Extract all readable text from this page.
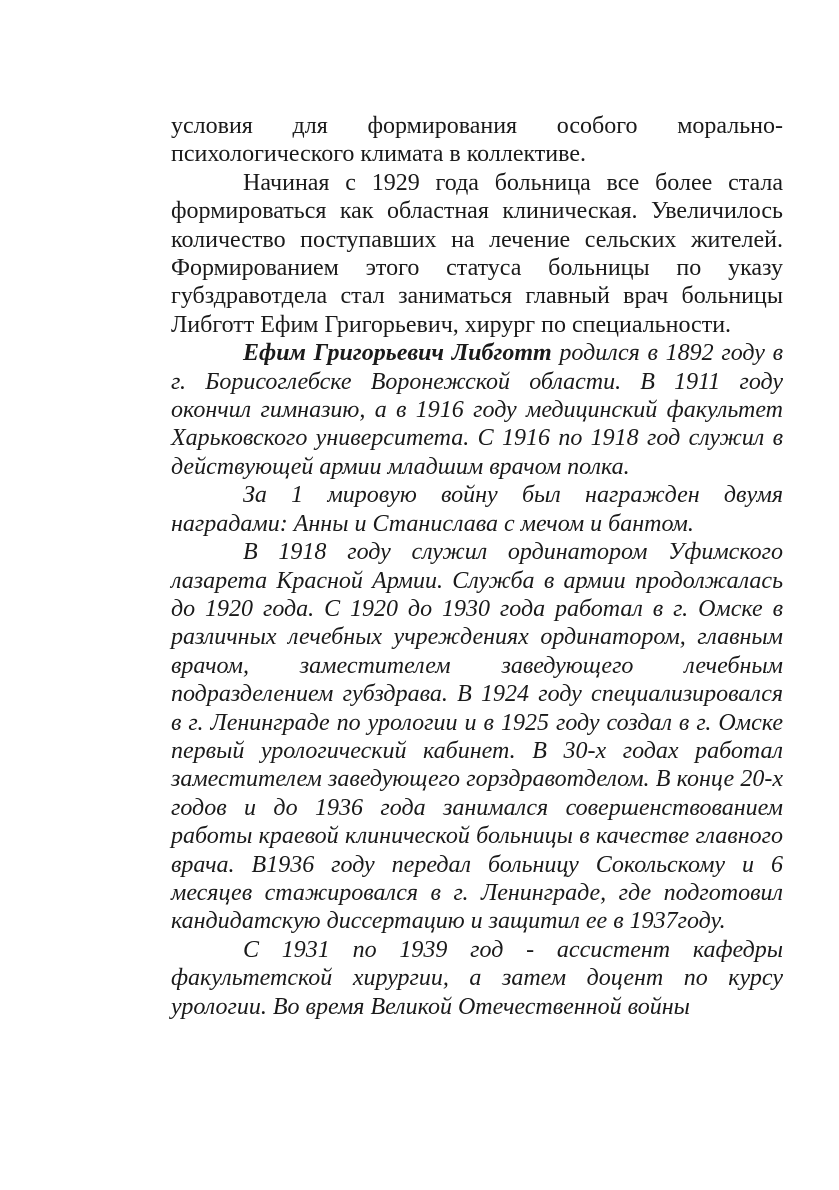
условия для формирования особого морально-психологического климата в коллективе.

Начиная с 1929 года больница все более стала формироваться как областная клиническая. Увеличилось количество поступавших на лечение сельских жителей. Формированием этого статуса больницы по указу губздравотдела стал заниматься главный врач больницы Либготт Ефим Григорьевич, хирург по специальности.

Ефим Григорьевич Либготт родился в 1892 году в г. Борисоглебске Воронежской области. В 1911 году окончил гимназию, а в 1916 году медицинский факультет Харьковского университета. С 1916 по 1918 год служил в действующей армии младшим врачом полка.

За 1 мировую войну был награжден двумя наградами: Анны и Станислава с мечом и бантом.

В 1918 году служил ординатором Уфимского лазарета Красной Армии. Служба в армии продолжалась до 1920 года. С 1920 до 1930 года работал в г. Омске в различных лечебных учреждениях ординатором, главным врачом, заместителем заведующего лечебным подразделением губздрава. В 1924 году специализировался в г. Ленинграде по урологии и в 1925 году создал в г. Омске первый урологический кабинет. В 30-х годах работал заместителем заведующего горздравотделом. В конце 20-х годов и до 1936 года занимался совершенствованием работы краевой клинической больницы в качестве главного врача. В1936 году передал больницу Сокольскому и 6 месяцев стажировался в г. Ленинграде, где подготовил кандидатскую диссертацию и защитил ее в 1937году.

С 1931 по 1939 год - ассистент кафедры факультетской хирургии, а затем доцент по курсу урологии. Во время Великой Отечественной войны
